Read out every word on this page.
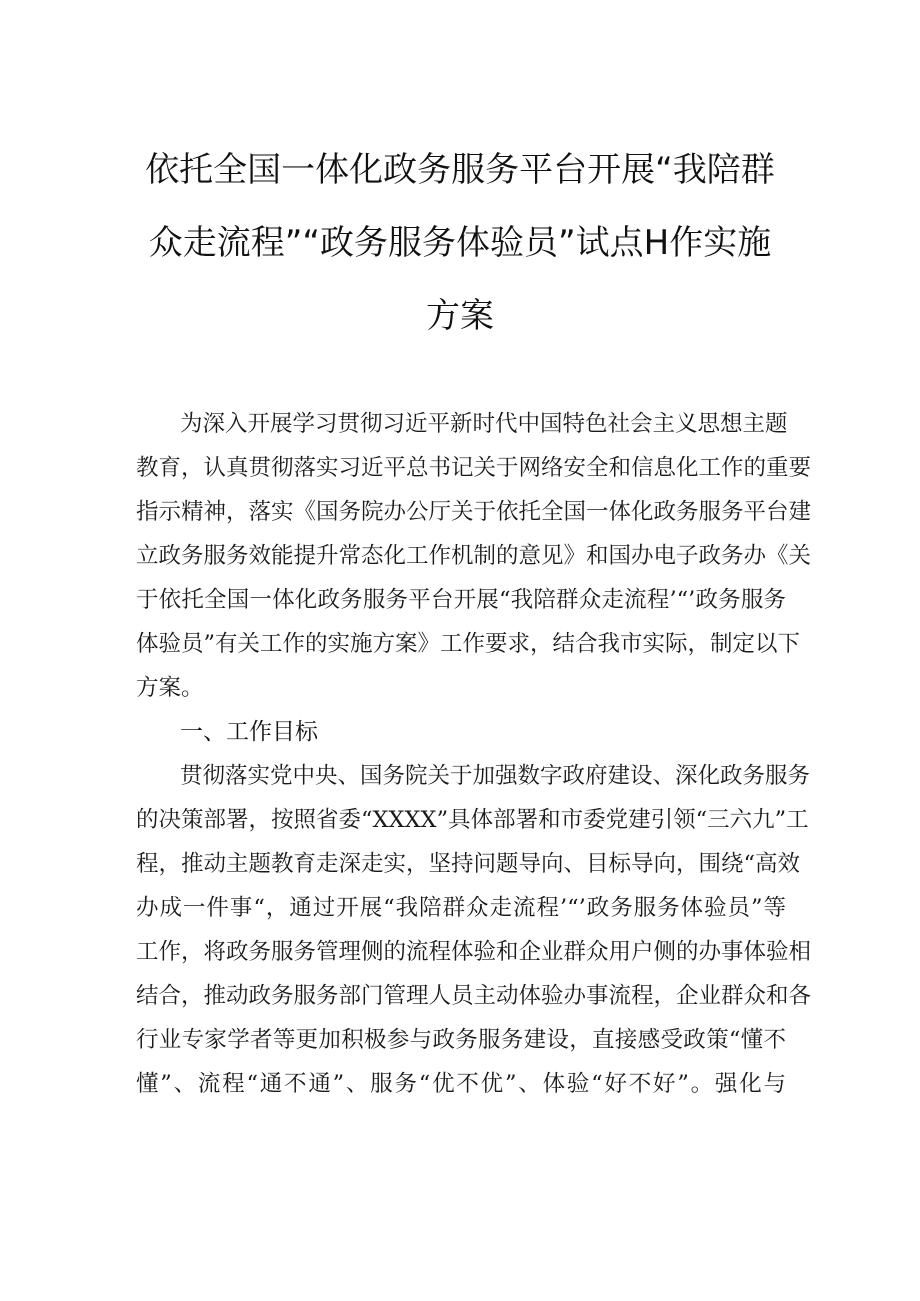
依托全国一体化政务服务平台开展“我陪群
众走流程”“政务服务体验员”试点H作实施
方案
为深入开展学习贯彻习近平新时代中国特色社会主义思想主题
教育，认真贯彻落实习近平总书记关于网络安全和信息化工作的重要
指示精神，落实《国务院办公厅关于依托全国一体化政务服务平台建
立政务服务效能提升常态化工作机制的意见》和国办电子政务办《关
于依托全国一体化政务服务平台开展“我陪群众走流程’“’政务服务
体验员”有关工作的实施方案》工作要求，结合我市实际，制定以下
方案。
一、工作目标
贯彻落实党中央、国务院关于加强数字政府建设、深化政务服务
的决策部署，按照省委“XXXX”具体部署和市委党建引领“三六九”工
程，推动主题教育走深走实，坚持问题导向、目标导向，围绕“高效
办成一件事“，通过开展“我陪群众走流程’“’政务服务体验员”等
工作，将政务服务管理侧的流程体验和企业群众用户侧的办事体验相
结合，推动政务服务部门管理人员主动体验办事流程，企业群众和各
行业专家学者等更加积极参与政务服务建设，直接感受政策“懂不
懂”、流程“通不通”、服务“优不优”、体验“好不好”。强化与
